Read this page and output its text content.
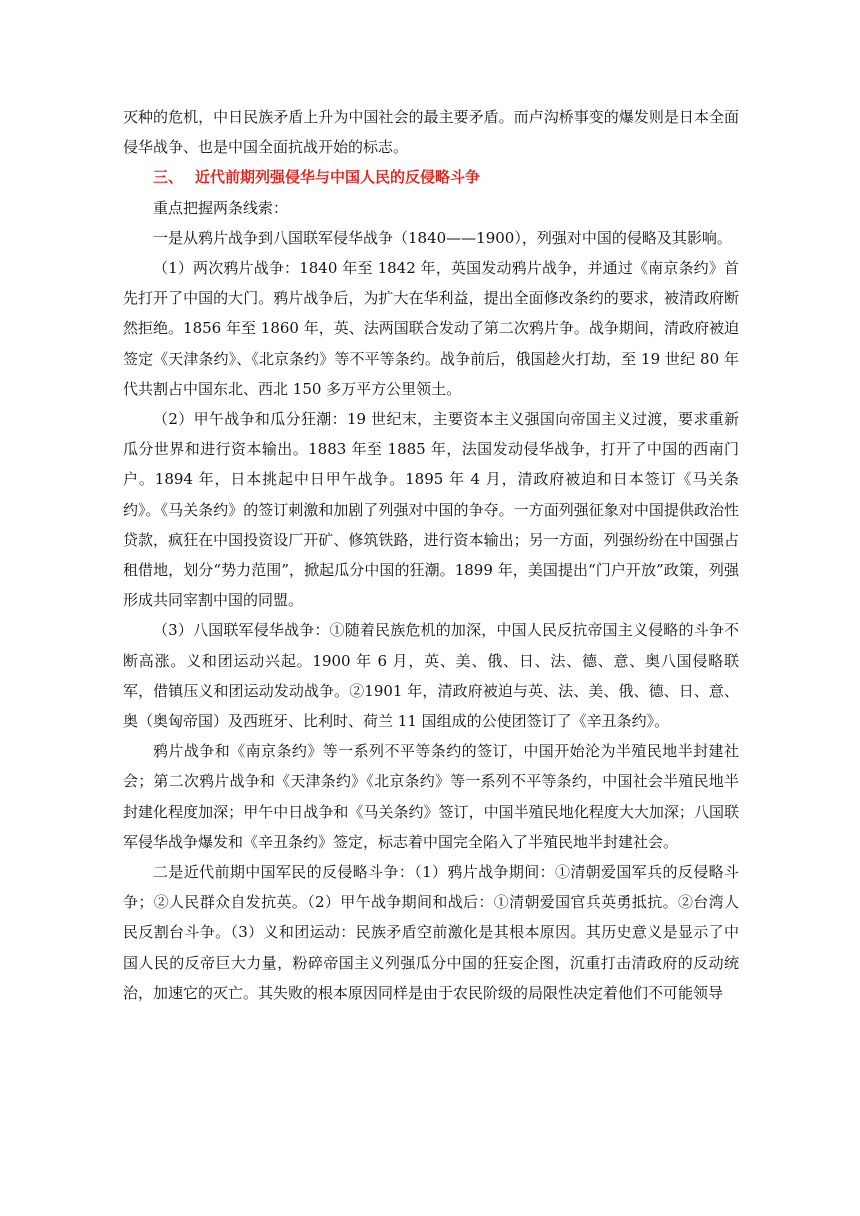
灭种的危机，中日民族矛盾上升为中国社会的最主要矛盾。而卢沟桥事变的爆发则是日本全面侵华战争、也是中国全面抗战开始的标志。

三、 近代前期列强侵华与中国人民的反侵略斗争

重点把握两条线索：

一是从鸦片战争到八国联军侵华战争（1840——1900），列强对中国的侵略及其影响。

（1）两次鸦片战争：1840 年至 1842 年，英国发动鸦片战争，并通过《南京条约》首先打开了中国的大门。鸦片战争后，为扩大在华利益，提出全面修改条约的要求，被清政府断然拒绝。1856 年至 1860 年，英、法两国联合发动了第二次鸦片争。战争期间，清政府被迫签定《天津条约》、《北京条约》等不平等条约。战争前后，俄国趁火打劫，至 19 世纪 80 年代共割占中国东北、西北 150 多万平方公里领土。

（2）甲午战争和瓜分狂潮：19 世纪末，主要资本主义强国向帝国主义过渡，要求重新瓜分世界和进行资本输出。1883 年至 1885 年，法国发动侵华战争，打开了中国的西南门户。1894 年，日本挑起中日甲午战争。1895 年 4 月，清政府被迫和日本签订《马关条约》。《马关条约》的签订刺激和加剧了列强对中国的争夺。一方面列强征象对中国提供政治性贷款，疯狂在中国投资设厂开矿、修筑铁路，进行资本输出；另一方面，列强纷纷在中国强占租借地，划分“势力范围”，掀起瓜分中国的狂潮。1899 年，美国提出“门户开放”政策，列强形成共同宰割中国的同盟。

（3）八国联军侵华战争：①随着民族危机的加深，中国人民反抗帝国主义侵略的斗争不断高涨。义和团运动兴起。1900 年 6 月，英、美、俄、日、法、德、意、奥八国侵略联军，借镇压义和团运动发动战争。②1901 年，清政府被迫与英、法、美、俄、德、日、意、奥（奥匈帝国）及西班牙、比利时、荷兰 11 国组成的公使团签订了《辛丑条约》。

鸦片战争和《南京条约》等一系列不平等条约的签订，中国开始沦为半殖民地半封建社会；第二次鸦片战争和《天津条约》《北京条约》等一系列不平等条约，中国社会半殖民地半封建化程度加深；甲午中日战争和《马关条约》签订，中国半殖民地化程度大大加深；八国联军侵华战争爆发和《辛丑条约》签定，标志着中国完全陷入了半殖民地半封建社会。

二是近代前期中国军民的反侵略斗争：（1）鸦片战争期间：①清朝爱国军兵的反侵略斗争；②人民群众自发抗英。（2）甲午战争期间和战后：①清朝爱国官兵英勇抵抗。②台湾人民反割台斗争。（3）义和团运动：民族矛盾空前激化是其根本原因。其历史意义是显示了中国人民的反帝巨大力量，粉碎帝国主义列强瓜分中国的狂妄企图，沉重打击清政府的反动统治，加速它的灭亡。其失败的根本原因同样是由于农民阶级的局限性决定着他们不可能领导
